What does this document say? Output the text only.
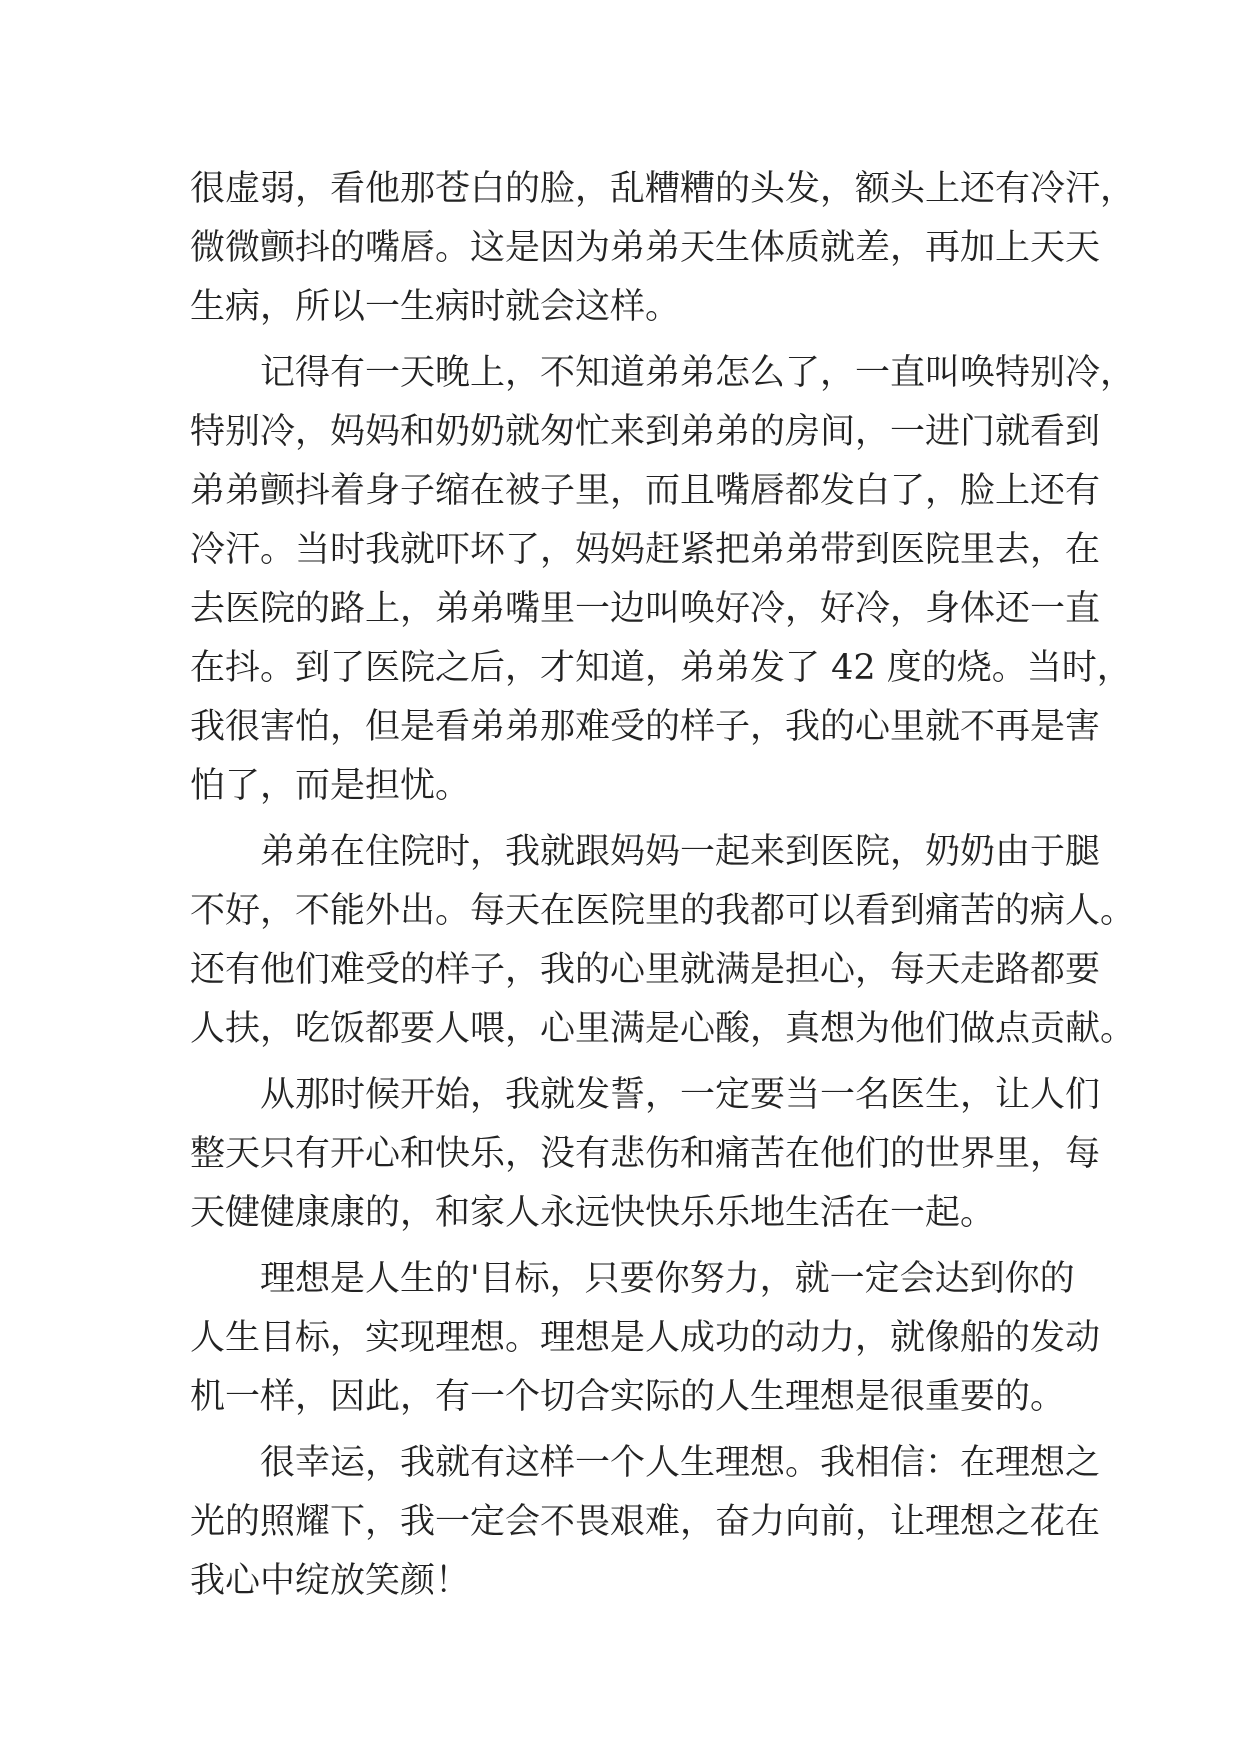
很虚弱，看他那苍白的脸，乱糟糟的头发，额头上还有冷汗，
微微颤抖的嘴唇。这是因为弟弟天生体质就差，再加上天天
生病，所以一生病时就会这样。
记得有一天晚上，不知道弟弟怎么了，一直叫唤特别冷，
特别冷，妈妈和奶奶就匆忙来到弟弟的房间，一进门就看到
弟弟颤抖着身子缩在被子里，而且嘴唇都发白了，脸上还有
冷汗。当时我就吓坏了，妈妈赶紧把弟弟带到医院里去，在
去医院的路上，弟弟嘴里一边叫唤好冷，好冷，身体还一直
在抖。到了医院之后，才知道，弟弟发了 42 度的烧。当时，
我很害怕，但是看弟弟那难受的样子，我的心里就不再是害
怕了，而是担忧。
弟弟在住院时，我就跟妈妈一起来到医院，奶奶由于腿
不好，不能外出。每天在医院里的我都可以看到痛苦的病人。
还有他们难受的样子，我的心里就满是担心，每天走路都要
人扶，吃饭都要人喂，心里满是心酸，真想为他们做点贡献。
从那时候开始，我就发誓，一定要当一名医生，让人们
整天只有开心和快乐，没有悲伤和痛苦在他们的世界里，每
天健健康康的，和家人永远快快乐乐地生活在一起。
理想是人生的'目标，只要你努力，就一定会达到你的
人生目标，实现理想。理想是人成功的动力，就像船的发动
机一样，因此，有一个切合实际的人生理想是很重要的。
很幸运，我就有这样一个人生理想。我相信：在理想之
光的照耀下，我一定会不畏艰难，奋力向前，让理想之花在
我心中绽放笑颜！
